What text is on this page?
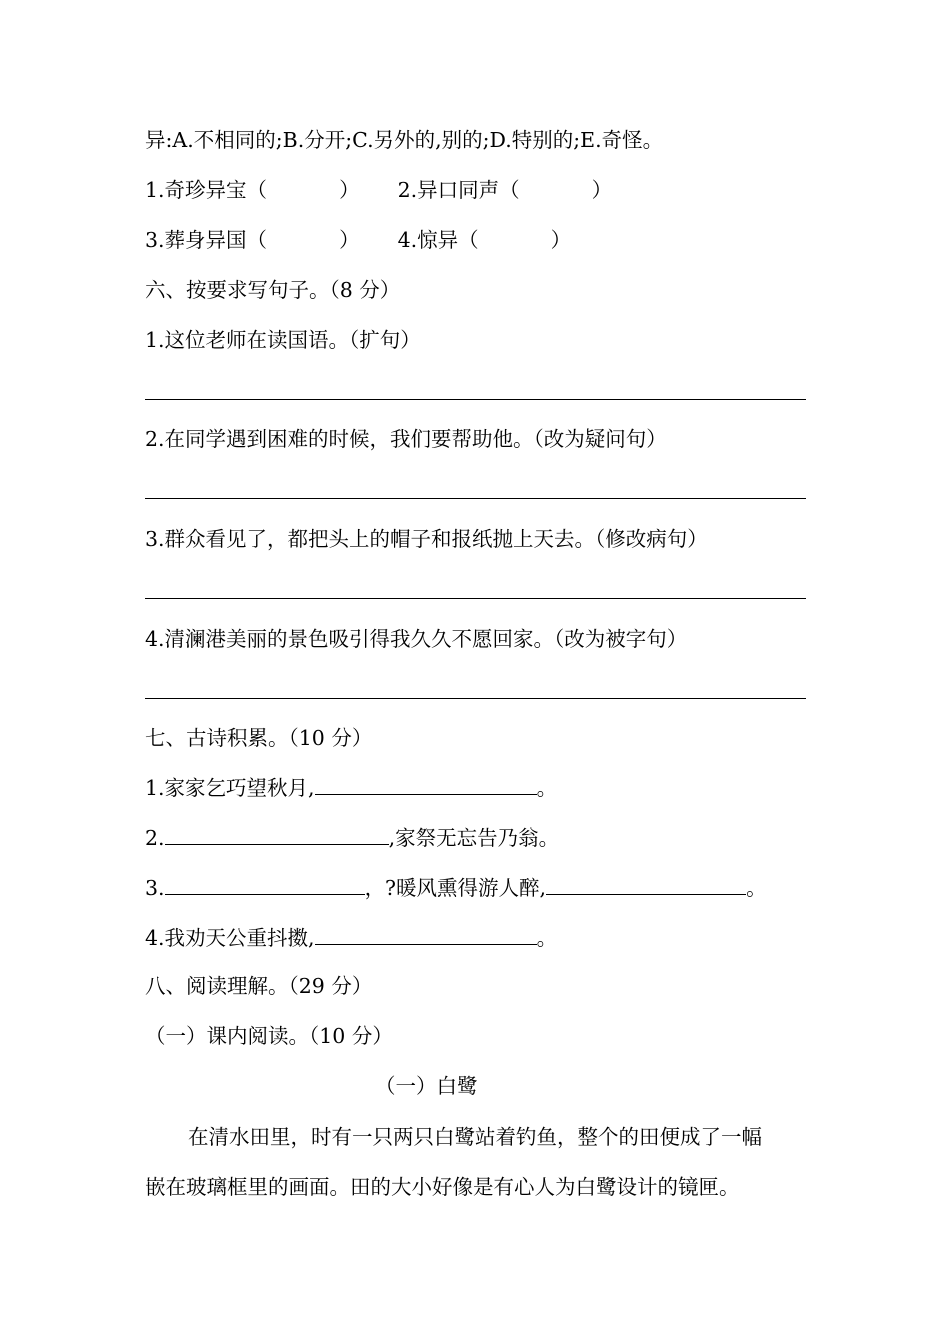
异:A.不相同的;B.分开;C.另外的,别的;D.特别的;E.奇怪。
1.奇珍异宝（	） 2.异口同声（	）
3.葬身异国（	） 4.惊异（	）
六、按要求写句子。（8 分）
1.这位老师在读国语。（扩句）
2.在同学遇到困难的时候，我们要帮助他。（改为疑问句）
3.群众看见了，都把头上的帽子和报纸抛上天去。（修改病句）
4.清澜港美丽的景色吸引得我久久不愿回家。（改为被字句）
七、古诗积累。（10 分）
1.家家乞巧望秋月,	。
2.	,家祭无忘告乃翁。
3.	，?暖风熏得游人醉,	。
4.我劝天公重抖擞,	。
八、阅读理解。（29 分）
（一）课内阅读。（10 分）
（一）白鹭
在清水田里，时有一只两只白鹭站着钓鱼，整个的田便成了一幅
嵌在玻璃框里的画面。田的大小好像是有心人为白鹭设计的镜匣。
